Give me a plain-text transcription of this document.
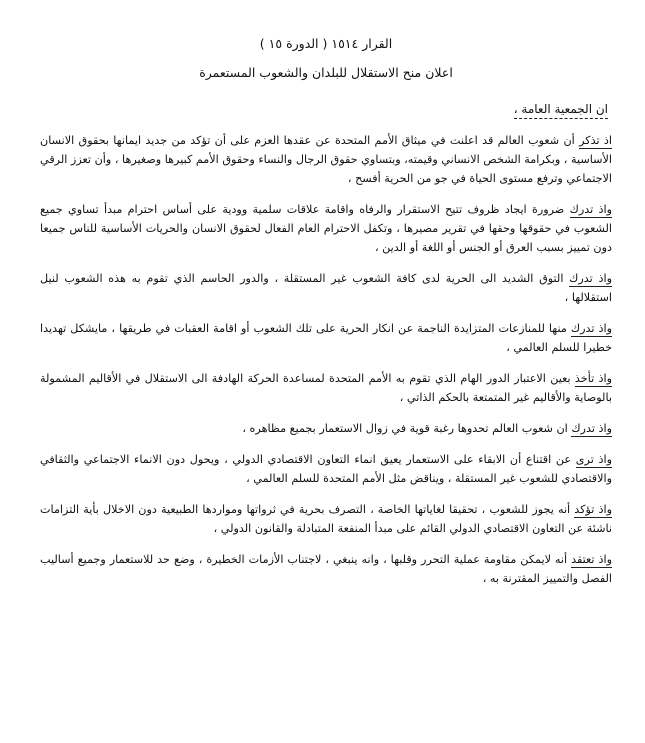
القرار ١٥١٤ ( الدورة ١٥ )
اعلان منح الاستقلال للبلدان والشعوب المستعمرة
ان الجمعية العامة ،

اذ تذكر أن شعوب العالم قد اعلنت في ميثاق الأمم المتحدة عن عقدها العزم على أن تؤكد من جديد ايمانها بحقوق الانسان الأساسية ، وبكرامة الشخص الانساني وقيمته، وبتساوي حقوق الرجال والنساء وحقوق الأمم كبيرها وصغيرها ، وأن تعزز الرقي الاجتماعي وترفع مستوى الحياة في جو من الحرية أفسح ،

واذ تدرك ضرورة ايجاد ظروف تتيح الاستقرار والرفاه واقامة علاقات سلمية وودية على أساس احترام مبدأ تساوي جميع الشعوب في حقوقها وحقها في تقرير مصيرها ، وتكفل الاحترام العام الفعال لحقوق الانسان والحريات الأساسية للناس جميعا دون تمييز بسبب العرق أو الجنس أو اللغة أو الدين ،

واذ تدرك التوق الشديد الى الحرية لدى كافة الشعوب غير المستقلة ، والدور الحاسم الذي تقوم به هذه الشعوب لنيل استقلالها ،

واذ تدرك منها للمنازعات المتزايدة الناجمة عن انكار الحرية على تلك الشعوب أو اقامة العقبات في طريقها ، مايشكل تهديدا خطيرا للسلم العالمي ،

واذ تأخذ بعين الاعتبار الدور الهام الذي تقوم به الأمم المتحدة لمساعدة الحركة الهادفة الى الاستقلال في الأقاليم المشمولة بالوصاية والأقاليم غير المتمتعة بالحكم الذاتي ،

واذ تدرك ان شعوب العالم تحدوها رغبة قوية في زوال الاستعمار بجميع مظاهره ،

واذ ترى عن اقتناع أن الابقاء على الاستعمار يعيق انماء التعاون الاقتصادي الدولي ، ويحول دون الانماء الاجتماعي والثقافي والاقتصادي للشعوب غير المستقلة ، ويناقض مثل الأمم المتحدة للسلم العالمي ،

واذ تؤكد أنه يجوز للشعوب ، تحقيقا لغاياتها الخاصة ، التصرف بحرية في ثرواتها ومواردها الطبيعية دون الاخلال بأية التزامات ناشئة عن التعاون الاقتصادي الدولي القائم على مبدأ المنفعة المتبادلة والقانون الدولي ،

واذ تعتقد أنه لايمكن مقاومة عملية التحرر وقلبها ، وانه ينبغي ، لاجتناب الأزمات الخطيرة ، وضع حد للاستعمار وجميع أساليب الفصل والتمييز المقترنة به ،
